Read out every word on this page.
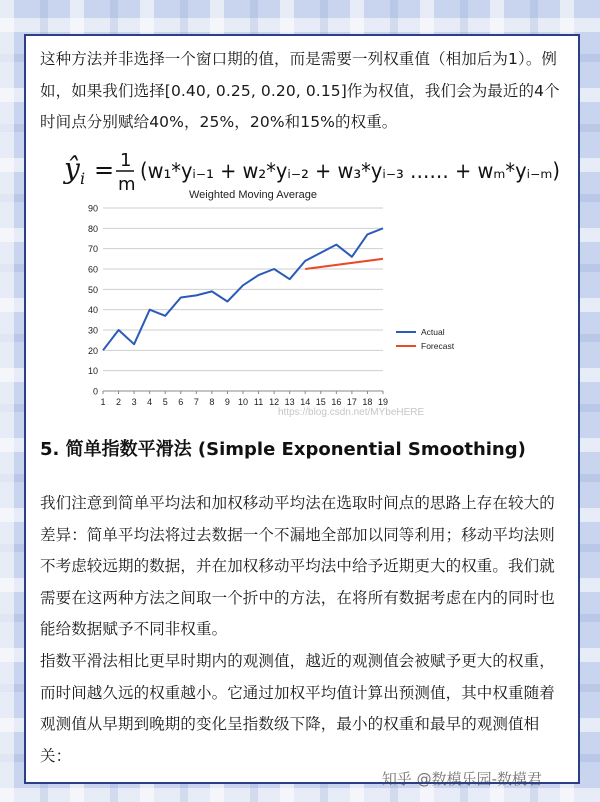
这种方法并非选择一个窗口期的值，而是需要一列权重值（相加后为1）。例如，如果我们选择[0.40, 0.25, 0.20, 0.15]作为权值，我们会为最近的4个时间点分别赋给40%，25%，20%和15%的权重。

ŷ i = 1
m
(w₁*yᵢ₋₁ + w₂*yᵢ₋₂ + w₃*yᵢ₋₃ …… + wₘ*yᵢ₋ₘ)
Weighted Moving Average
0
10
20
30
40
50
60
70
80
90
1 2 3 4 5 6 7 8 9 10 11 12 13 14 15 16 17 18 19
Actual
Forecast
https://blog.csdn.net/MYbeHERE

5. 简单指数平滑法 (Simple Exponential Smoothing)

我们注意到简单平均法和加权移动平均法在选取时间点的思路上存在较大的差异：简单平均法将过去数据一个不漏地全部加以同等利用；移动平均法则不考虑较远期的数据，并在加权移动平均法中给予近期更大的权重。我们就需要在这两种方法之间取一个折中的方法，在将所有数据考虑在内的同时也能给数据赋予不同非权重。

指数平滑法相比更早时期内的观测值，越近的观测值会被赋予更大的权重，而时间越久远的权重越小。它通过加权平均值计算出预测值，其中权重随着观测值从早期到晚期的变化呈指数级下降，最小的权重和最早的观测值相关：

知乎 @数模乐园-数模君
